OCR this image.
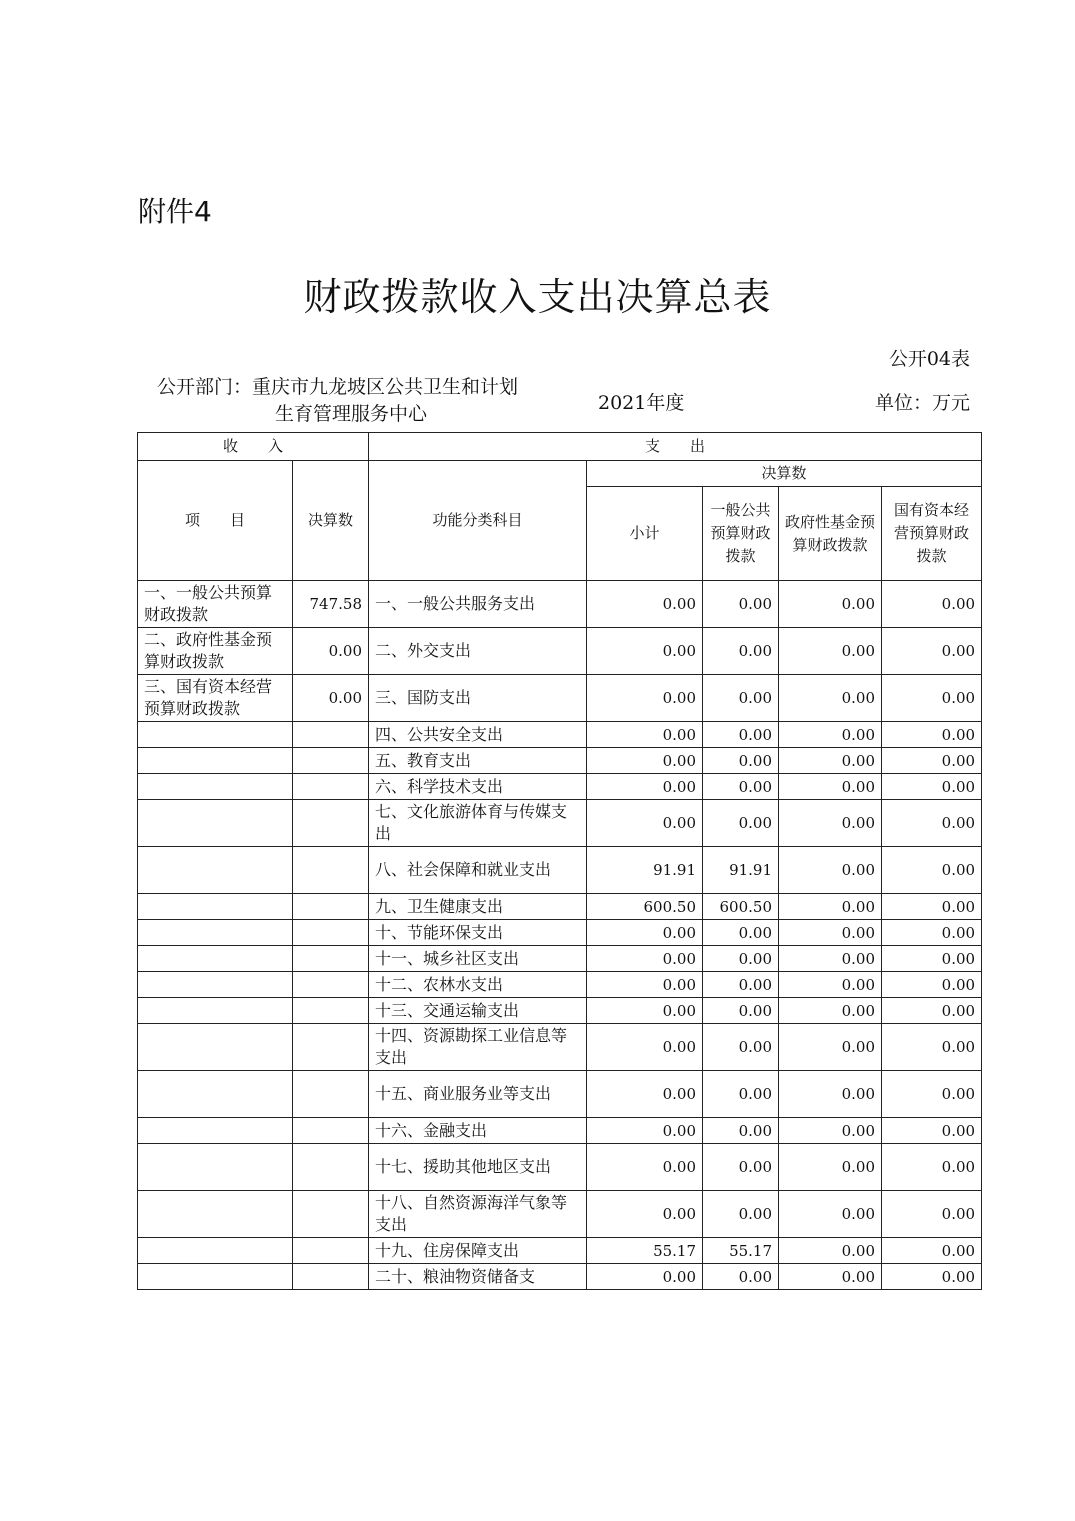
附件4
财政拨款收入支出决算总表
公开04表
公开部门：重庆市九龙坡区公共卫生和计划
生育管理服务中心	2021年度	单位：万元
收　　入		支　　出				
项　　目	决算数	功能分类科目	决算数			
			小计	一般公共预算财政拨款	政府性基金预算财政拨款	国有资本经营预算财政拨款
一、一般公共预算财政拨款	747.58	一、一般公共服务支出	0.00	0.00	0.00	0.00
二、政府性基金预算财政拨款	0.00	二、外交支出	0.00	0.00	0.00	0.00
三、国有资本经营预算财政拨款	0.00	三、国防支出	0.00	0.00	0.00	0.00
		四、公共安全支出	0.00	0.00	0.00	0.00
		五、教育支出	0.00	0.00	0.00	0.00
		六、科学技术支出	0.00	0.00	0.00	0.00
		七、文化旅游体育与传媒支出	0.00	0.00	0.00	0.00
		八、社会保障和就业支出	91.91	91.91	0.00	0.00
		九、卫生健康支出	600.50	600.50	0.00	0.00
		十、节能环保支出	0.00	0.00	0.00	0.00
		十一、城乡社区支出	0.00	0.00	0.00	0.00
		十二、农林水支出	0.00	0.00	0.00	0.00
		十三、交通运输支出	0.00	0.00	0.00	0.00
		十四、资源勘探工业信息等支出	0.00	0.00	0.00	0.00
		十五、商业服务业等支出	0.00	0.00	0.00	0.00
		十六、金融支出	0.00	0.00	0.00	0.00
		十七、援助其他地区支出	0.00	0.00	0.00	0.00
		十八、自然资源海洋气象等支出	0.00	0.00	0.00	0.00
		十九、住房保障支出	55.17	55.17	0.00	0.00
		二十、粮油物资储备支	0.00	0.00	0.00	0.00
